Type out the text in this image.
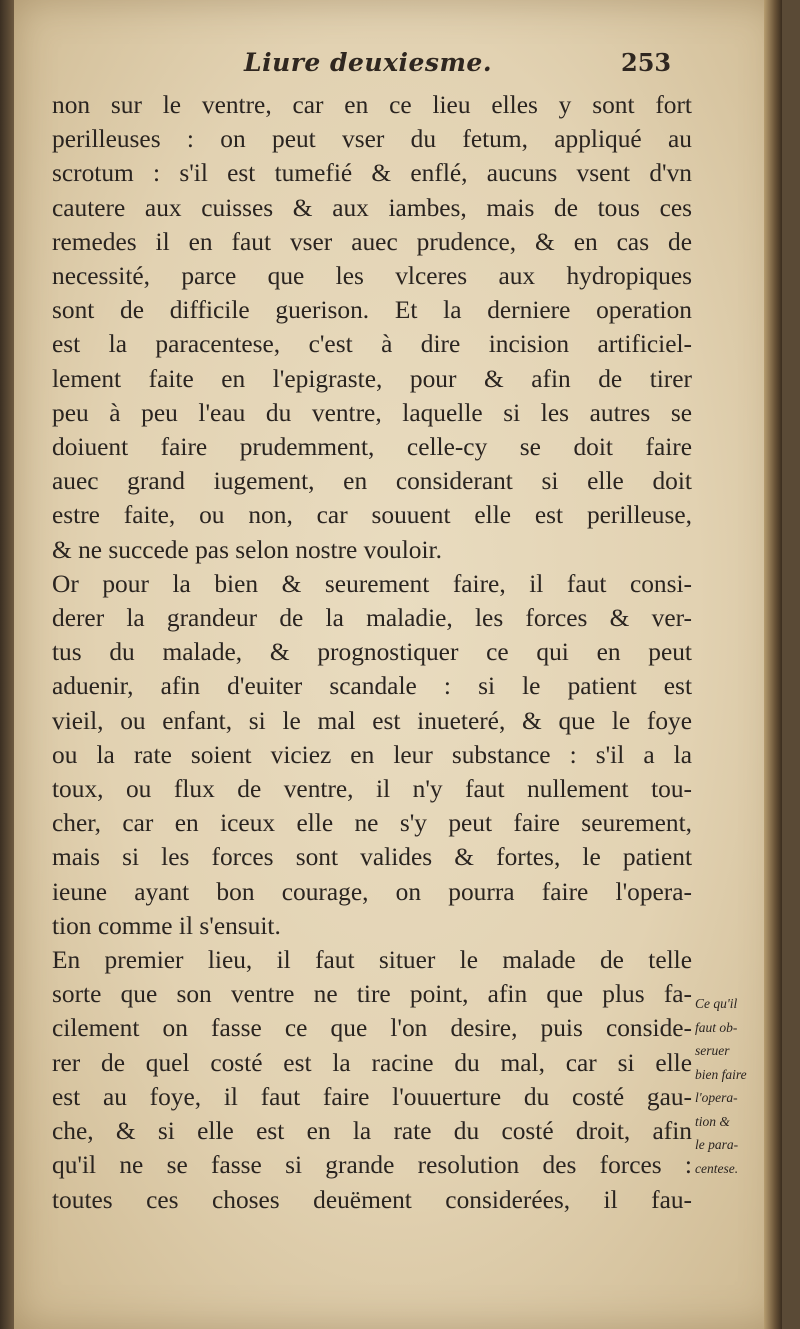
Liure deuxiesme.	253
non sur le ventre, car en ce lieu elles y sont fort
perilleuses : on peut vser du fetum, appliqué au
scrotum : s'il est tumefié & enflé, aucuns vsent d'vn
cautere aux cuisses & aux iambes, mais de tous ces
remedes il en faut vser auec prudence, & en cas de
necessité, parce que les vlceres aux hydropiques
sont de difficile guerison. Et la derniere operation
est la paracentese, c'est à dire incision artificiel-
lement faite en l'epigraste, pour & afin de tirer
peu à peu l'eau du ventre, laquelle si les autres se
doiuent faire prudemment, celle-cy se doit faire
auec grand iugement, en considerant si elle doit
estre faite, ou non, car souuent elle est perilleuse,
& ne succede pas selon nostre vouloir.
Or pour la bien & seurement faire, il faut consi-
derer la grandeur de la maladie, les forces & ver-
tus du malade, & prognostiquer ce qui en peut
aduenir, afin d'euiter scandale : si le patient est
vieil, ou enfant, si le mal est inueteré, & que le foye
ou la rate soient viciez en leur substance : s'il a la
toux, ou flux de ventre, il n'y faut nullement tou-
cher, car en iceux elle ne s'y peut faire seurement,
mais si les forces sont valides & fortes, le patient
ieune ayant bon courage, on pourra faire l'opera-
tion comme il s'ensuit.
En premier lieu, il faut situer le malade de telle
sorte que son ventre ne tire point, afin que plus fa-
cilement on fasse ce que l'on desire, puis conside-
rer de quel costé est la racine du mal, car si elle
est au foye, il faut faire l'ouuerture du costé gau-
che, & si elle est en la rate du costé droit, afin
qu'il ne se fasse si grande resolution des forces :
toutes ces choses deuëment considerées, il fau-
Ce qu'il
faut ob-
seruer
bien faire
l'opera-
tion &
le para-
centese.
